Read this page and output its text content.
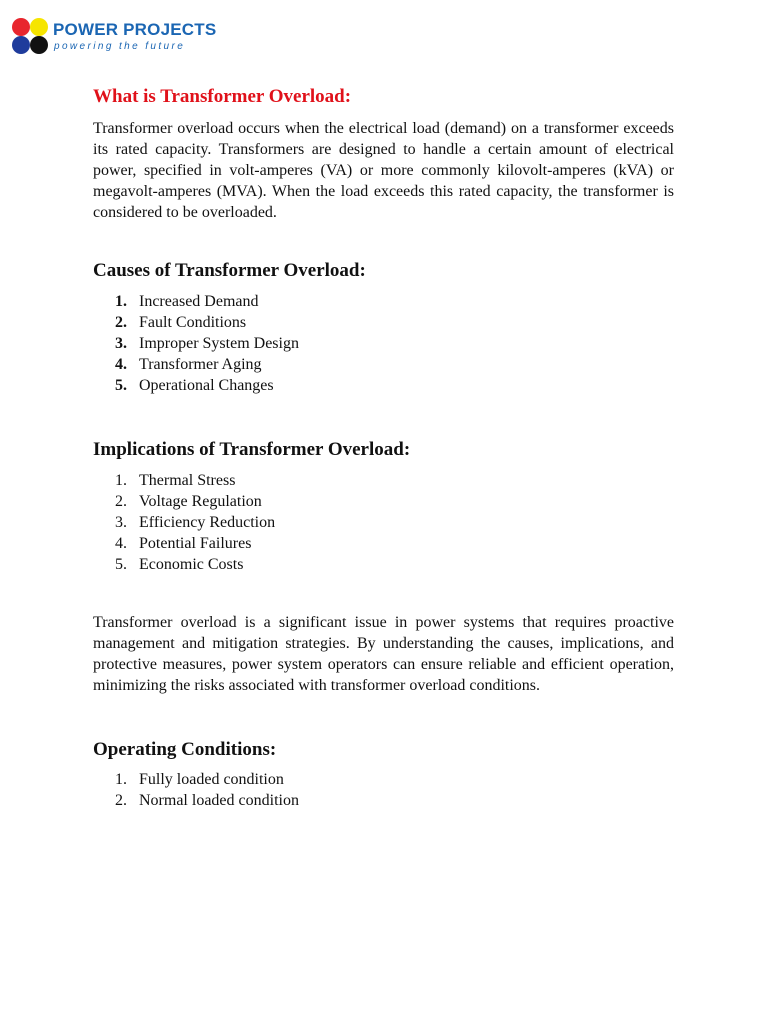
POWER PROJECTS
powering the future
What is Transformer Overload:

Transformer overload occurs when the electrical load (demand) on a transformer exceeds its rated capacity. Transformers are designed to handle a certain amount of electrical power, specified in volt-amperes (VA) or more commonly kilovolt-amperes (kVA) or megavolt-amperes (MVA). When the load exceeds this rated capacity, the transformer is considered to be overloaded.

Causes of Transformer Overload:
1. Increased Demand
2. Fault Conditions
3. Improper System Design
4. Transformer Aging
5. Operational Changes
Implications of Transformer Overload:
1. Thermal Stress
2. Voltage Regulation
3. Efficiency Reduction
4. Potential Failures
5. Economic Costs

Transformer overload is a significant issue in power systems that requires proactive management and mitigation strategies. By understanding the causes, implications, and protective measures, power system operators can ensure reliable and efficient operation, minimizing the risks associated with transformer overload conditions.

Operating Conditions:
1. Fully loaded condition
2. Normal loaded condition
